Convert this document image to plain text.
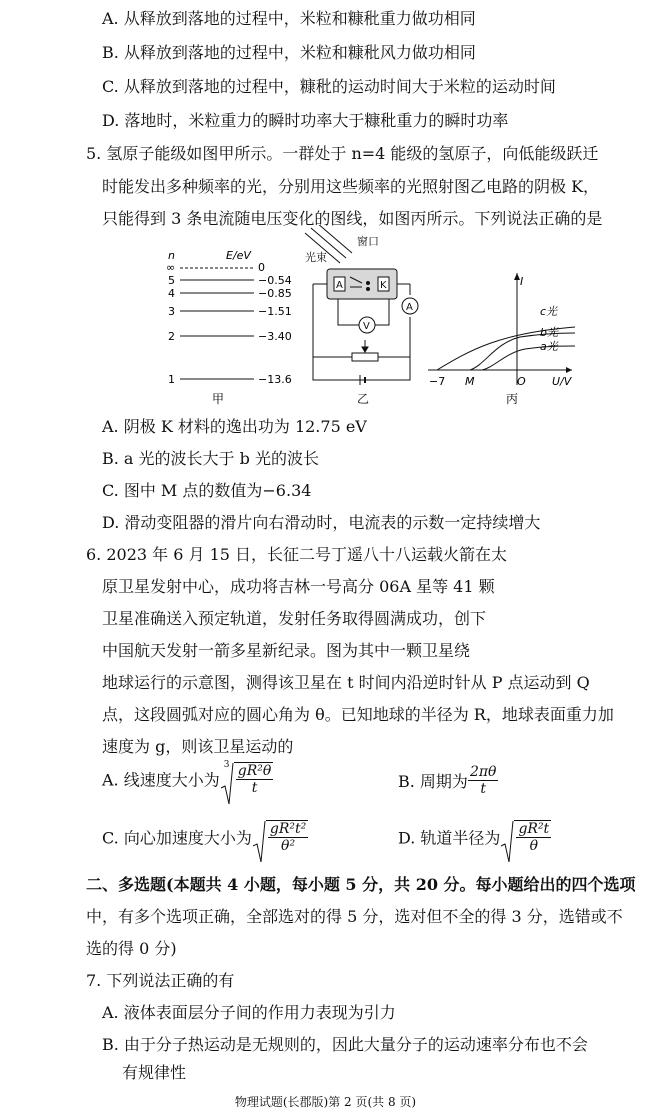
A. 从释放到落地的过程中，米粒和糠秕重力做功相同
B. 从释放到落地的过程中，米粒和糠秕风力做功相同
C. 从释放到落地的过程中，糠秕的运动时间大于米粒的运动时间
D. 落地时，米粒重力的瞬时功率大于糠秕重力的瞬时功率
5. 氢原子能级如图甲所示。一群处于 n=4 能级的氢原子，向低能级跃迁
时能发出多种频率的光，分别用这些频率的光照射图乙电路的阴极 K，
只能得到 3 条电流随电压变化的图线，如图丙所示。下列说法正确的是
n	E/eV
∞	0
5	−0.54
4	−0.85
3	−1.51
2	−3.40
1	−13.6
甲
光束
窗口
A	K
A
V
乙
I
U/V
−7 M	O
c光
b光
a光
丙
A. 阴极 K 材料的逸出功为 12.75 eV
B. a 光的波长大于 b 光的波长
C. 图中 M 点的数值为−6.34
D. 滑动变阻器的滑片向右滑动时，电流表的示数一定持续增大
6. 2023 年 6 月 15 日，长征二号丁遥八十八运载火箭在太
原卫星发射中心，成功将吉林一号高分 06A 星等 41 颗
卫星准确送入预定轨道，发射任务取得圆满成功，创下
中国航天发射一箭多星新纪录。图为其中一颗卫星绕
地球运行的示意图，测得该卫星在 t 时间内沿逆时针从 P 点运动到 Q
点，这段圆弧对应的圆心角为 θ。已知地球的半径为 R，地球表面重力加
速度为 g，则该卫星运动的
A. 线速度大小为
$3 \frac{\text{gR²θ}}{t}$	B. 周期为 $\frac{2\pi\theta}{t}$
C. 向心加速度大小为 $\frac{\text{gR²t²}}{\text{θ²}}$	D. 轨道半径为 $\frac{\text{gR²t}}{\theta}$
二、多选题(本题共 4 小题，每小题 5 分，共 20 分。每小题给出的四个选项
中，有多个选项正确，全部选对的得 5 分，选对但不全的得 3 分，选错或不
选的得 0 分)
7. 下列说法正确的有
A. 液体表面层分子间的作用力表现为引力
B. 由于分子热运动是无规则的，因此大量分子的运动速率分布也不会
有规律性
物理试题(长郡版)第 2 页(共 8 页)
